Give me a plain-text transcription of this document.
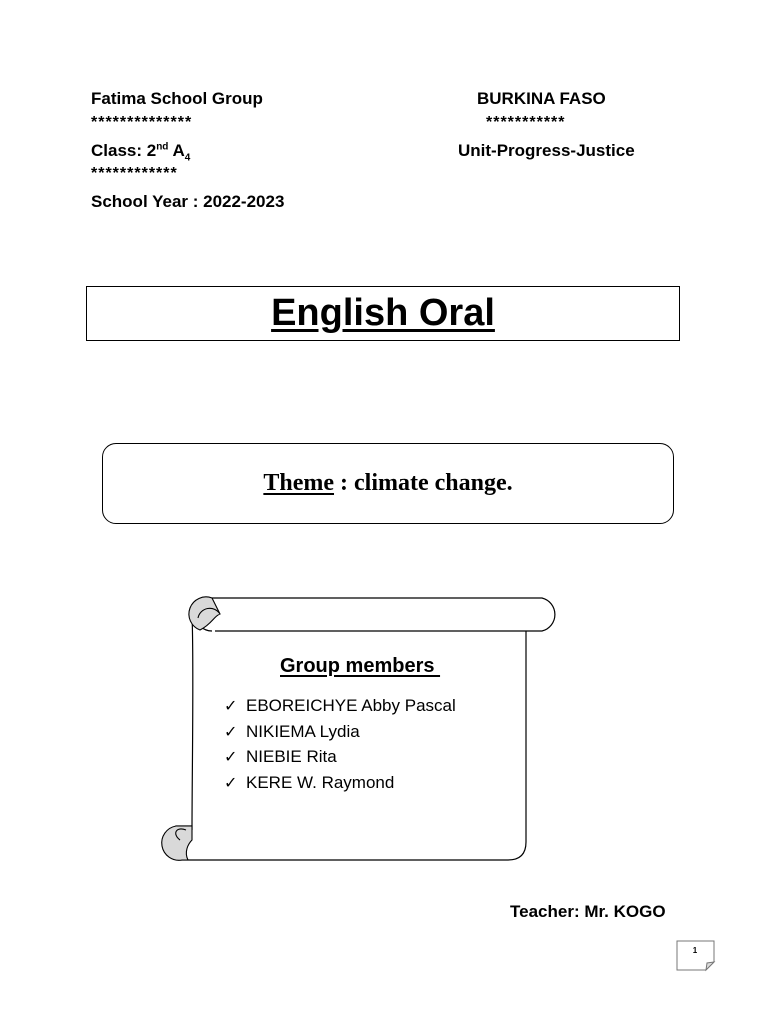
Fatima School Group
**************
Class: 2nd $A_4$
************
School Year : 2022-2023
BURKINA FASO
***********
Unit-Progress-Justice
English Oral
Theme : climate change.
Group members
✓ EBOREICHYE Abby Pascal
✓ NIKIEMA Lydia
✓ NIEBIE Rita
✓ KERE W. Raymond
Teacher: Mr. KOGO
1
